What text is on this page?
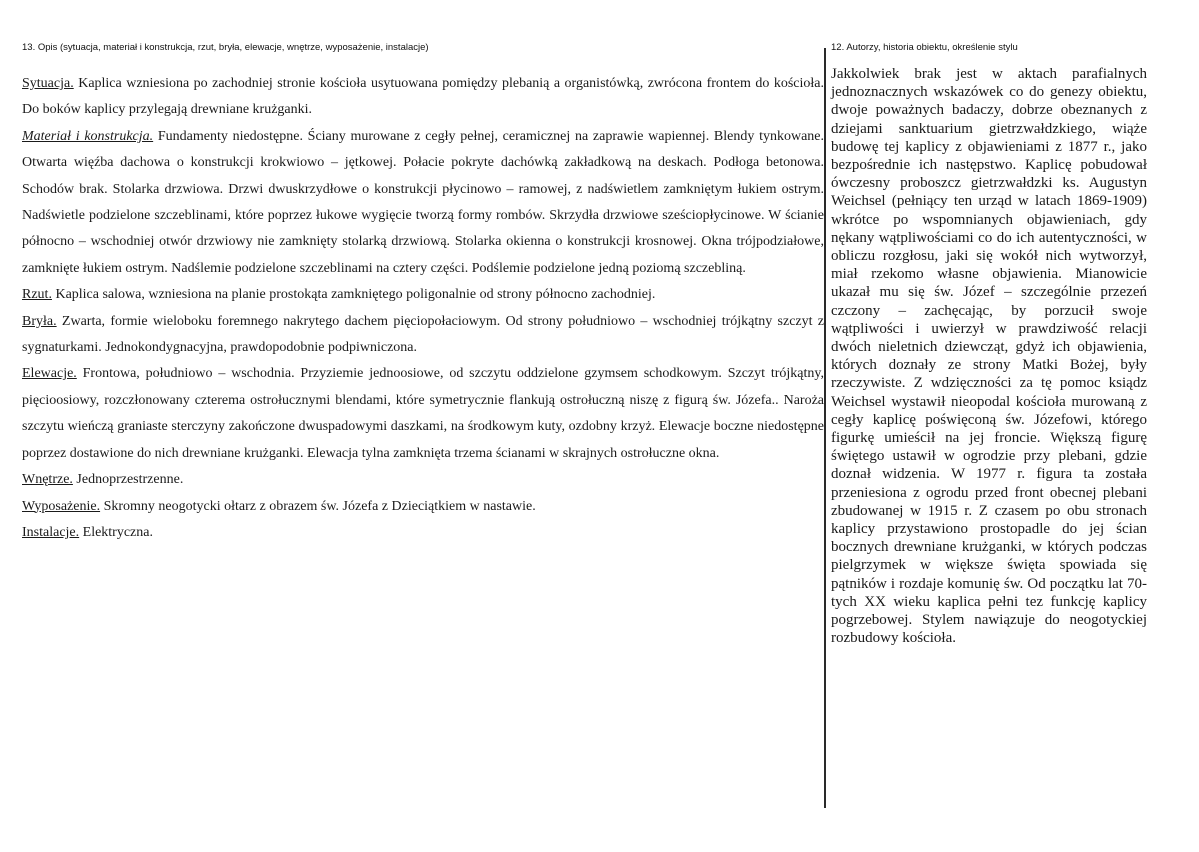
13. Opis (sytuacja, materiał i konstrukcja, rzut, bryła, elewacje, wnętrze, wyposażenie, instalacje)

Sytuacja. Kaplica wzniesiona po zachodniej stronie kościoła usytuowana pomiędzy plebanią a organistówką, zwrócona frontem do kościoła. Do boków kaplicy przylegają drewniane krużganki.

Materiał i konstrukcja. Fundamenty niedostępne. Ściany murowane z cegły pełnej, ceramicznej na zaprawie wapiennej. Blendy tynkowane. Otwarta więźba dachowa o konstrukcji krokwiowo – jętkowej. Połacie pokryte dachówką zakładkową na deskach. Podłoga betonowa. Schodów brak. Stolarka drzwiowa. Drzwi dwuskrzydłowe o konstrukcji płycinowo – ramowej, z nadświetlem zamkniętym łukiem ostrym. Nadświetle podzielone szczeblinami, które poprzez łukowe wygięcie tworzą formy rombów. Skrzydła drzwiowe sześciopłycinowe. W ścianie północno – wschodniej otwór drzwiowy nie zamknięty stolarką drzwiową. Stolarka okienna o konstrukcji krosnowej. Okna trójpodziałowe, zamknięte łukiem ostrym. Nadślemie podzielone szczeblinami na cztery części. Podślemie podzielone jedną poziomą szczebliną.

Rzut. Kaplica salowa, wzniesiona na planie prostokąta zamkniętego poligonalnie od strony północno zachodniej.

Bryła. Zwarta, formie wieloboku foremnego nakrytego dachem pięciopołaciowym. Od strony południowo – wschodniej trójkątny szczyt z sygnaturkami. Jednokondygnacyjna, prawdopodobnie podpiwniczona.

Elewacje. Frontowa, południowo – wschodnia. Przyziemie jednoosiowe, od szczytu oddzielone gzymsem schodkowym. Szczyt trójkątny, pięcioosiowy, rozczłonowany czterema ostrołucznymi blendami, które symetrycznie flankują ostrołuczną niszę z figurą św. Józefa.. Naroża szczytu wieńczą graniaste sterczyny zakończone dwuspadowymi daszkami, na środkowym kuty, ozdobny krzyż. Elewacje boczne niedostępne poprzez dostawione do nich drewniane krużganki. Elewacja tylna zamknięta trzema ścianami w skrajnych ostrołuczne okna.

Wnętrze. Jednoprzestrzenne.

Wyposażenie. Skromny neogotycki ołtarz z obrazem św. Józefa z Dzieciątkiem w nastawie.

Instalacje. Elektryczna.

12. Autorzy, historia obiektu, określenie stylu

Jakkolwiek brak jest w aktach parafialnych jednoznacznych wskazówek co do genezy obiektu, dwoje poważnych badaczy, dobrze obeznanych z dziejami sanktuarium gietrzwałdzkiego, wiąże budowę tej kaplicy z objawieniami z 1877 r., jako bezpośrednie ich następstwo. Kaplicę pobudował ówczesny proboszcz gietrzwałdzki ks. Augustyn Weichsel (pełniący ten urząd w latach 1869-1909) wkrótce po wspomnianych objawieniach, gdy nękany wątpliwościami co do ich autentyczności, w obliczu rozgłosu, jaki się wokół nich wytworzył, miał rzekomo własne objawienia. Mianowicie ukazał mu się św. Józef – szczególnie przezeń czczony – zachęcając, by porzucił swoje wątpliwości i uwierzył w prawdziwość relacji dwóch nieletnich dziewcząt, gdyż ich objawienia, których doznały ze strony Matki Bożej, były rzeczywiste. Z wdzięczności za tę pomoc ksiądz Weichsel wystawił nieopodal kościoła murowaną z cegły kaplicę poświęconą św. Józefowi, którego figurkę umieścił na jej froncie. Większą figurę świętego ustawił w ogrodzie przy plebani, gdzie doznał widzenia. W 1977 r. figura ta została przeniesiona z ogrodu przed front obecnej plebani zbudowanej w 1915 r. Z czasem po obu stronach kaplicy przystawiono prostopadle do jej ścian bocznych drewniane krużganki, w których podczas pielgrzymek w większe święta spowiada się pątników i rozdaje komunię św. Od początku lat 70-tych XX wieku kaplica pełni tez funkcję kaplicy pogrzebowej. Stylem nawiązuje do neogotyckiej rozbudowy kościoła.
